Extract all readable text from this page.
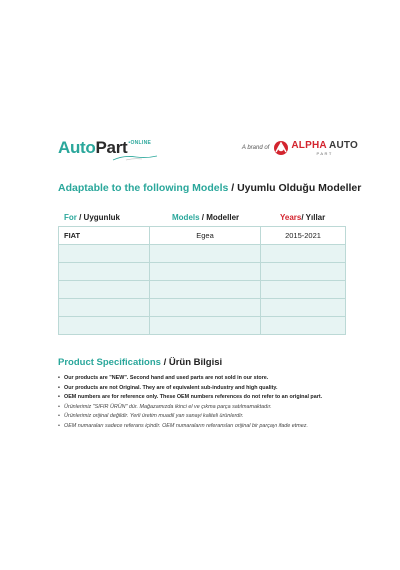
AutoPart$^{•ONLINE}$
A brand of ALPHA AUTO
PART
Adaptable to the following Models / Uyumlu Olduğu Modeller
For / Uygunluk	Models / Modeller	Years/ Yıllar
FIAT	Egea	2015-2021

Product Specifications / Ürün Bilgisi
• Our products are "NEW". Second hand and used parts are not sold in our store.
• Our products are not Original. They are of equivalent sub-industry and high quality.
• OEM numbers are for reference only. These OEM numbers references do not refer to an original part.
• Ürünlerimiz "SIFIR ÜRÜN" dür. Mağazamızda ikinci el ve çıkma parça satılmamaktadır.
• Ürünlerimiz orijinal değildir. Yerli üretim muadil yan sanayi kaliteli ürünlerdir.
• OEM numaraları sadece referans içindir. OEM numaraların referansları orijinal bir parçayı ifade etmez.
